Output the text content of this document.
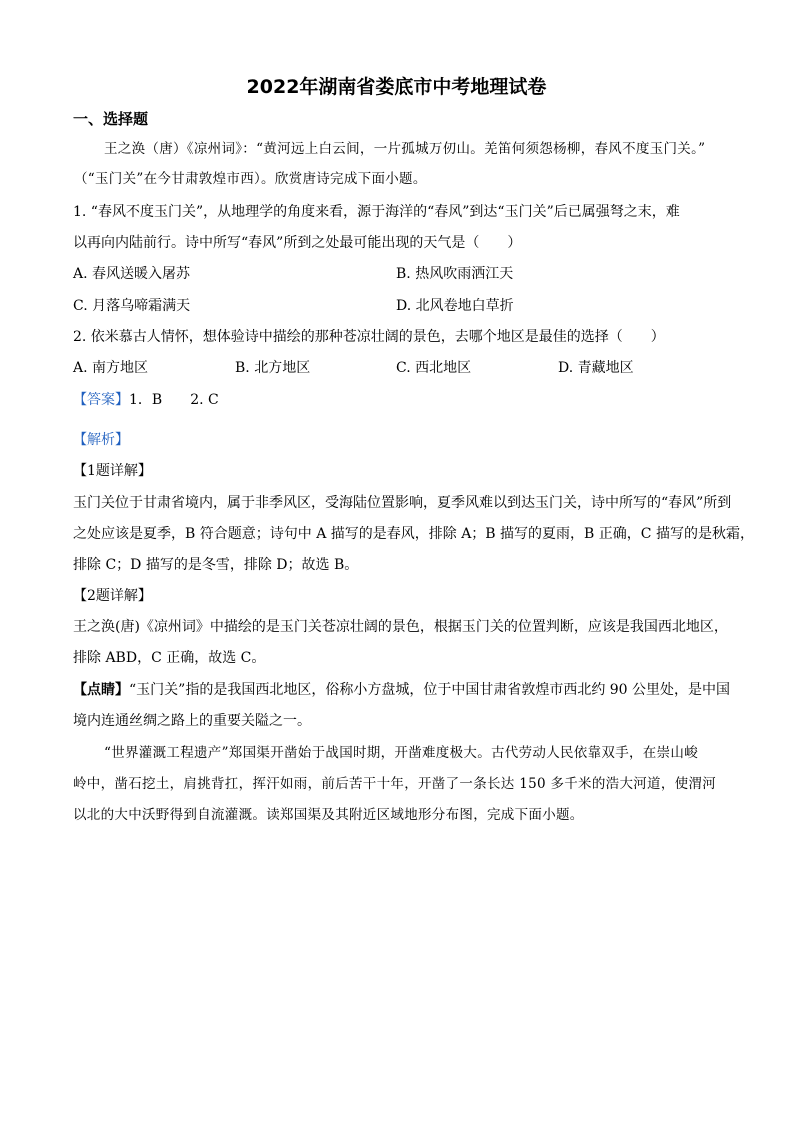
2022年湖南省娄底市中考地理试卷
一、选择题
王之涣（唐）《凉州词》：“黄河远上白云间，一片孤城万仞山。羌笛何须怨杨柳，春风不度玉门关。”
（“玉门关”在今甘肃敦煌市西）。欣赏唐诗完成下面小题。
1. “春风不度玉门关”，从地理学的角度来看，源于海洋的“春风”到达“玉门关”后已属强弩之末，难
以再向内陆前行。诗中所写“春风”所到之处最可能出现的天气是（　　）
A. 春风送暖入屠苏	B. 热风吹雨洒江天
C. 月落乌啼霜满天	D. 北风卷地白草折
2. 依米慕古人情怀，想体验诗中描绘的那种苍凉壮阔的景色，去哪个地区是最佳的选择（　　）
A. 南方地区	B. 北方地区	C. 西北地区	D. 青藏地区
【答案】1．B　　2. C
【解析】
【1题详解】
玉门关位于甘肃省境内，属于非季风区，受海陆位置影响，夏季风难以到达玉门关，诗中所写的“春风”所到
之处应该是夏季，B 符合题意；诗句中 A 描写的是春风，排除 A；B 描写的夏雨，B 正确，C 描写的是秋霜，
排除 C；D 描写的是冬雪，排除 D；故选 B。
【2题详解】
王之涣(唐)《凉州词》中描绘的是玉门关苍凉壮阔的景色，根据玉门关的位置判断，应该是我国西北地区，
排除 ABD，C 正确，故选 C。
【点睛】“玉门关”指的是我国西北地区，俗称小方盘城，位于中国甘肃省敦煌市西北约 90 公里处，是中国
境内连通丝绸之路上的重要关隘之一。
“世界灌溉工程遗产”郑国渠开凿始于战国时期，开凿难度极大。古代劳动人民依靠双手，在崇山峻
岭中，凿石挖土，肩挑背扛，挥汗如雨，前后苦干十年，开凿了一条长达 150 多千米的浩大河道，使渭河
以北的大中沃野得到自流灌溉。读郑国渠及其附近区域地形分布图，完成下面小题。
